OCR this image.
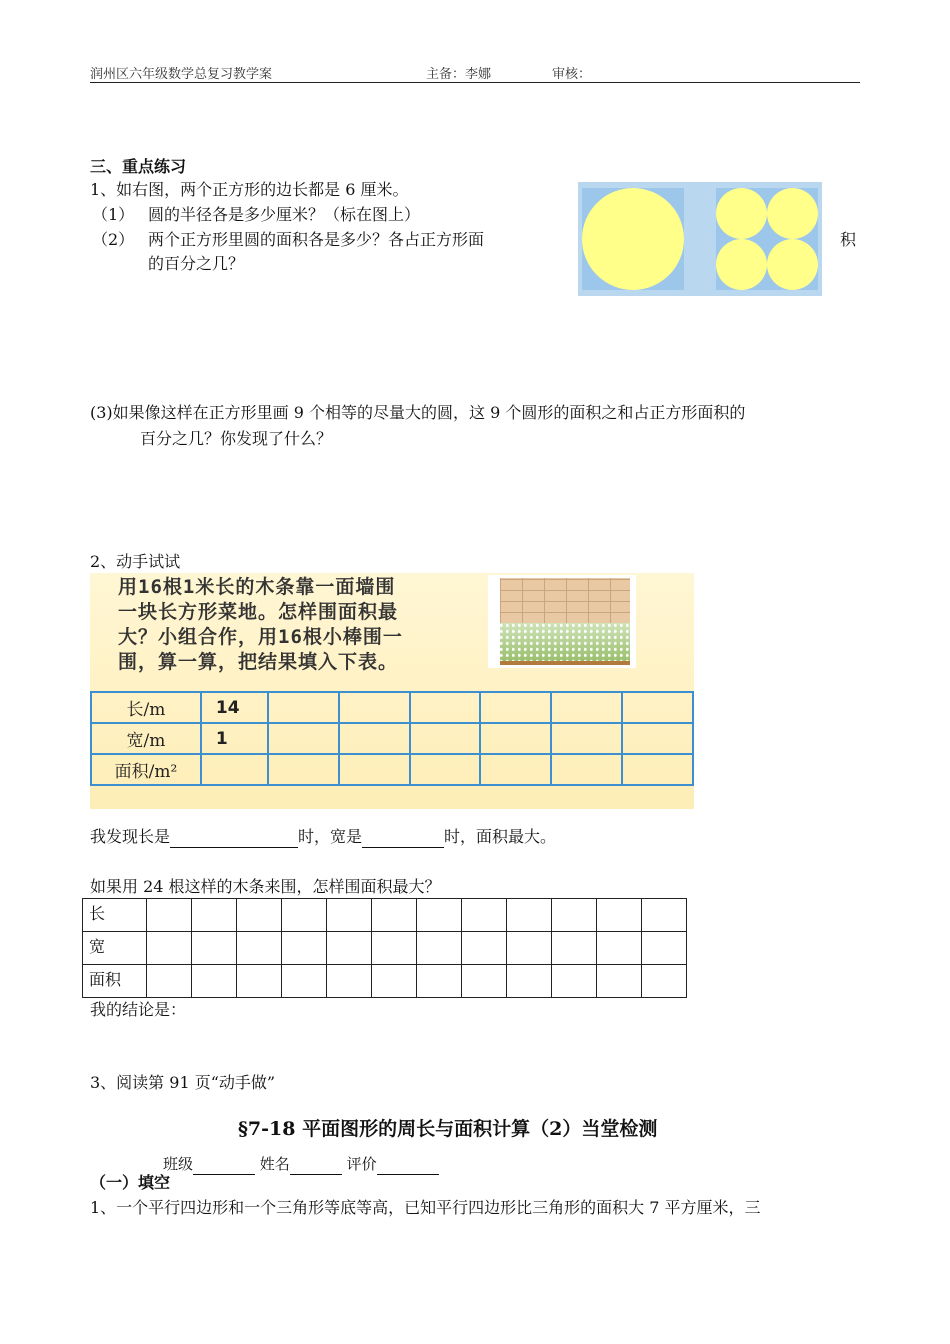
润州区六年级数学总复习教学案	主备：李娜	审核：
三、重点练习
1、如右图，两个正方形的边长都是 6 厘米。
（1） 圆的半径各是多少厘米？（标在图上）
（2） 两个正方形里圆的面积各是多少？各占正方形面	积
的百分之几？
(3)如果像这样在正方形里画 9 个相等的尽量大的圆，这 9 个圆形的面积之和占正方形面积的
百分之几？你发现了什么？
2、动手试试
用16根1米长的木条靠一面墙围
一块长方形菜地。怎样围面积最
大？小组合作，用16根小棒围一
围，算一算，把结果填入下表。
长/m	14						
宽/m	1						
面积/m²							
我发现长是	时，宽是	时，面积最大。
如果用 24 根这样的木条来围，怎样围面积最大？
长												
宽												
面积												
我的结论是：
3、阅读第 91 页“动手做”
§7-18 平面图形的周长与面积计算（2）当堂检测
班级	姓名	评价
（一）填空
1、一个平行四边形和一个三角形等底等高，已知平行四边形比三角形的面积大 7 平方厘米，三
